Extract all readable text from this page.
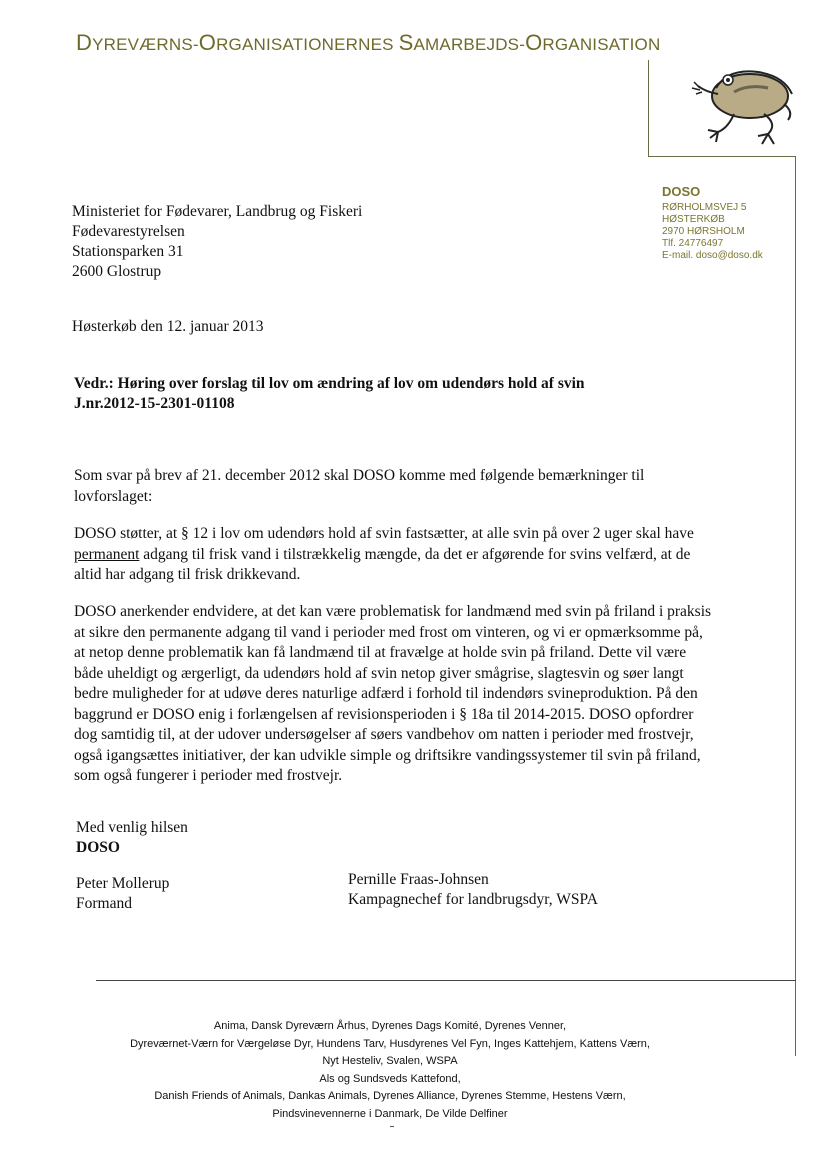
DYREVÆRNS-ORGANISATIONERNES SAMARBEJDS-ORGANISATION
DOSO
RØRHOLMSVEJ 5
HØSTERKØB
2970 HØRSHOLM
Tlf. 24776497
E-mail. doso@doso.dk
Ministeriet for Fødevarer, Landbrug og Fiskeri
Fødevarestyrelsen
Stationsparken 31
2600 Glostrup
Høsterkøb den 12. januar 2013
Vedr.: Høring over forslag til lov om ændring af lov om udendørs hold af svin
J.nr.2012-15-2301-01108
Som svar på brev af 21. december 2012 skal DOSO komme med følgende bemærkninger til lovforslaget:
DOSO støtter, at § 12 i lov om udendørs hold af svin fastsætter, at alle svin på over 2 uger skal have permanent adgang til frisk vand i tilstrækkelig mængde, da det er afgørende for svins velfærd, at de altid har adgang til frisk drikkevand.
DOSO anerkender endvidere, at det kan være problematisk for landmænd med svin på friland i praksis at sikre den permanente adgang til vand i perioder med frost om vinteren, og vi er opmærksomme på, at netop denne problematik kan få landmænd til at fravælge at holde svin på friland. Dette vil være både uheldigt og ærgerligt, da udendørs hold af svin netop giver smågrise, slagtesvin og søer langt bedre muligheder for at udøve deres naturlige adfærd i forhold til indendørs svineproduktion. På den baggrund er DOSO enig i forlængelsen af revisionsperioden i § 18a til 2014-2015. DOSO opfordrer dog samtidig til, at der udover undersøgelser af søers vandbehov om natten i perioder med frostvejr, også igangsættes initiativer, der kan udvikle simple og driftsikre vandingssystemer til svin på friland, som også fungerer i perioder med frostvejr.
Med venlig hilsen
DOSO
Peter Mollerup
Formand
Pernille Fraas-Johnsen
Kampagnechef for landbrugsdyr, WSPA
Anima, Dansk Dyreværn Århus, Dyrenes Dags Komité, Dyrenes Venner,
Dyreværnet-Værn for Værgeløse Dyr, Hundens Tarv, Husdyrenes Vel Fyn, Inges Kattehjem, Kattens Værn,
Nyt Hesteliv, Svalen, WSPA
Als og Sundsveds Kattefond,
Danish Friends of Animals, Dankas Animals, Dyrenes Alliance, Dyrenes Stemme, Hestens Værn,
Pindsvinevennerne i Danmark, De Vilde Delfiner
